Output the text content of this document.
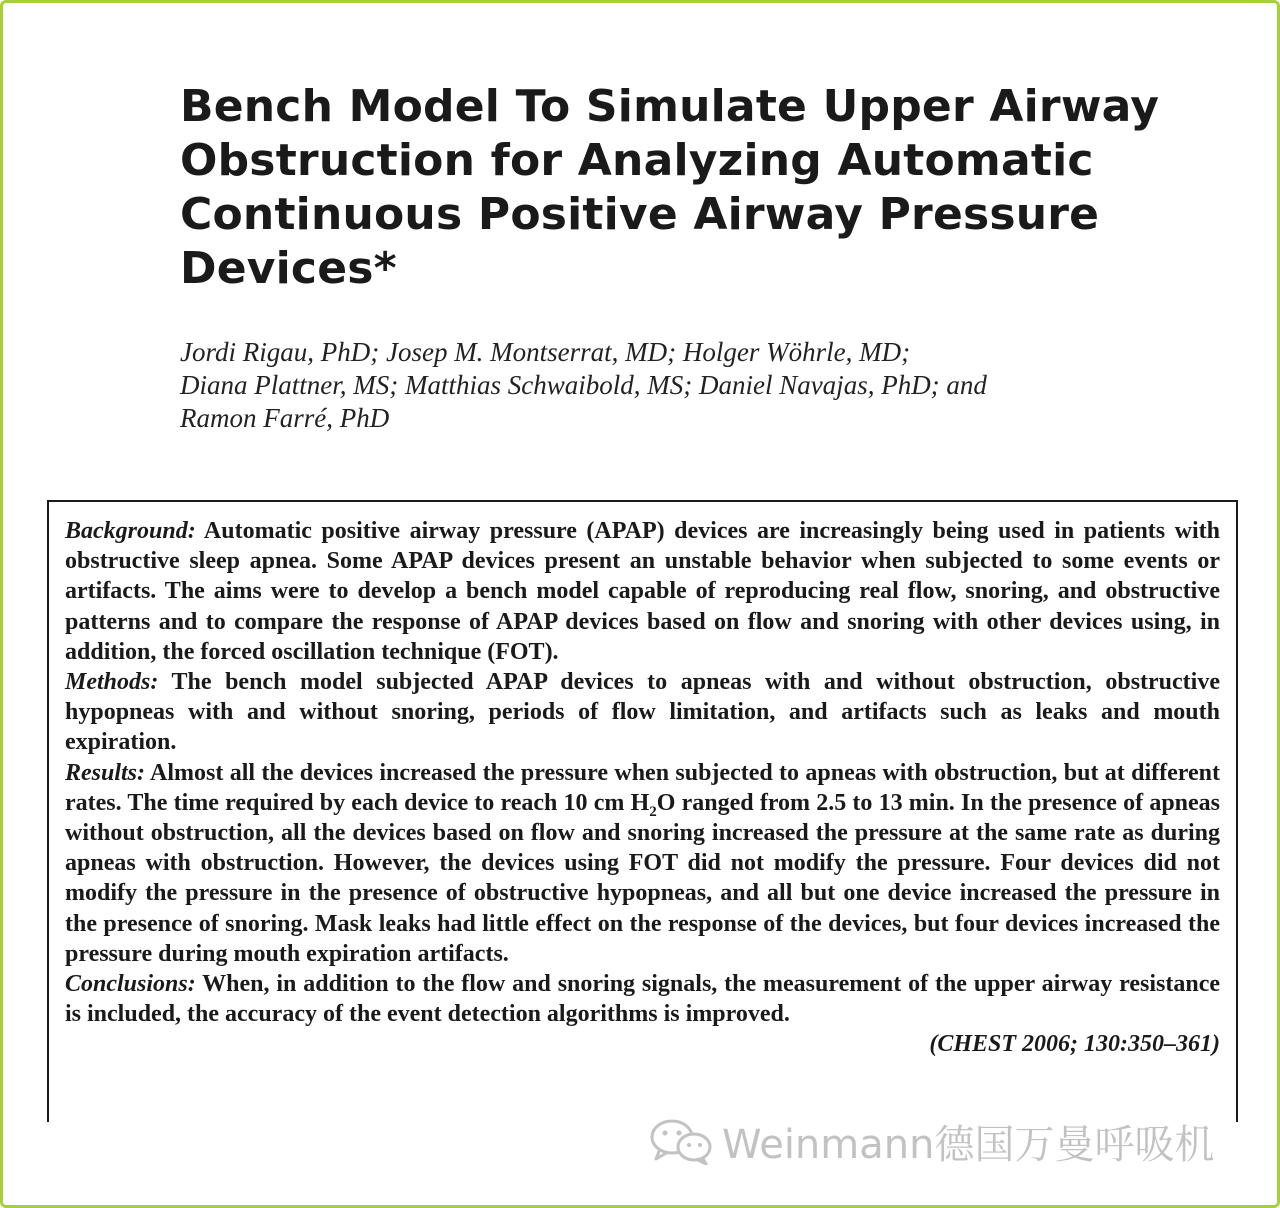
Bench Model To Simulate Upper Airway Obstruction for Analyzing Automatic Continuous Positive Airway Pressure Devices*
Jordi Rigau, PhD; Josep M. Montserrat, MD; Holger Wöhrle, MD;
Diana Plattner, MS; Matthias Schwaibold, MS; Daniel Navajas, PhD; and
Ramon Farré, PhD

Background: Automatic positive airway pressure (APAP) devices are increasingly being used in patients with obstructive sleep apnea. Some APAP devices present an unstable behavior when subjected to some events or artifacts. The aims were to develop a bench model capable of reproducing real flow, snoring, and obstructive patterns and to compare the response of APAP devices based on flow and snoring with other devices using, in addition, the forced oscillation technique (FOT).

Methods: The bench model subjected APAP devices to apneas with and without obstruction, obstructive hypopneas with and without snoring, periods of flow limitation, and artifacts such as leaks and mouth expiration.

Results: Almost all the devices increased the pressure when subjected to apneas with obstruction, but at different rates. The time required by each device to reach 10 cm $H_2O$ ranged from 2.5 to 13 min. In the presence of apneas without obstruction, all the devices based on flow and snoring increased the pressure at the same rate as during apneas with obstruction. However, the devices using FOT did not modify the pressure. Four devices did not modify the pressure in the presence of obstructive hypopneas, and all but one device increased the pressure in the presence of snoring. Mask leaks had little effect on the response of the devices, but four devices increased the pressure during mouth expiration artifacts.

Conclusions: When, in addition to the flow and snoring signals, the measurement of the upper airway resistance is included, the accuracy of the event detection algorithms is improved.

(CHEST 2006; 130:350–361)

Weinmann德国万曼呼吸机
